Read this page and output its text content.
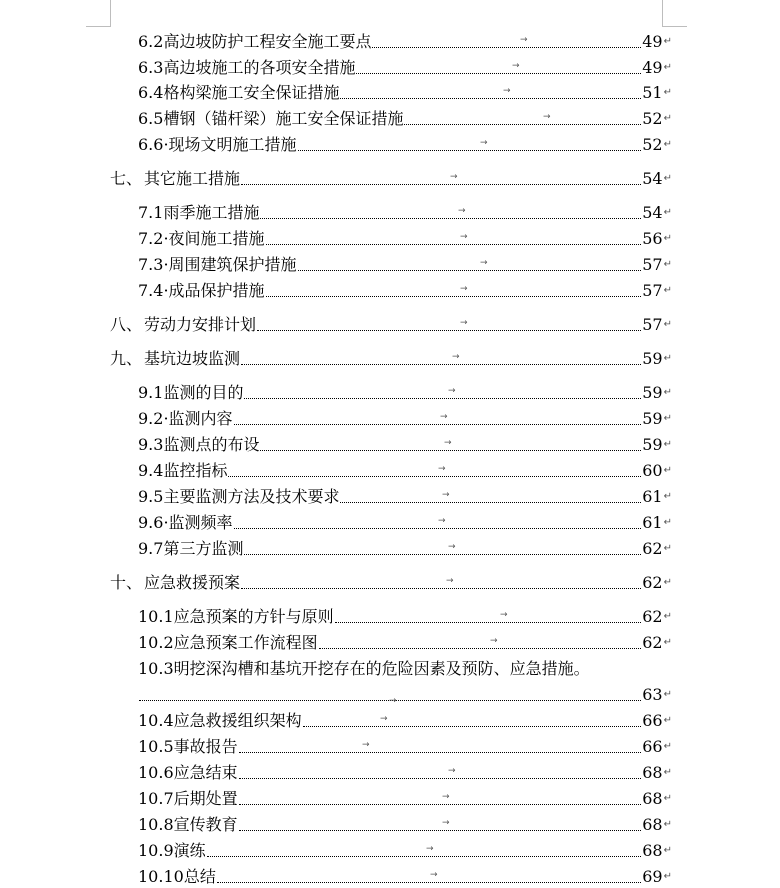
6.2 高边坡防护工程安全施工要点	49 ↵
→
6.3 高边坡施工的各项安全措施	49 ↵
→
6.4 格构梁施工安全保证措施	51 ↵
→
6.5 槽钢（锚杆梁）施工安全保证措施	52 ↵
→
6.6· 现场文明施工措施	52 ↵
→
七、 其它施工措施	54 ↵
→
7.1 雨季施工措施	54 ↵
→
7.2· 夜间施工措施	56 ↵
→
7.3· 周围建筑保护措施	57 ↵
→
7.4· 成品保护措施	57 ↵
→
八、 劳动力安排计划	57 ↵
→
九、 基坑边坡监测	59 ↵
→
9.1 监测的目的	59 ↵
→
9.2· 监测内容	59 ↵
→
9.3 监测点的布设	59 ↵
→
9.4 监控指标	60 ↵
→
9.5 主要监测方法及技术要求	61 ↵
→
9.6· 监测频率	61 ↵
→
9.7 第三方监测	62 ↵
→
十、 应急救援预案	62 ↵
→
10.1 应急预案的方针与原则	62 ↵
→
10.2 应急预案工作流程图	62 ↵
→
10.3 明挖深沟槽和基坑开挖存在的危险因素及预防、应急措施。
→	63 ↵
10.4 应急救援组织架构	66 ↵
→
10.5 事故报告	66 ↵
→
10.6 应急结束	68 ↵
→
10.7 后期处置	68 ↵
→
10.8 宣传教育	68 ↵
→
10.9 演练	68 ↵
→
10.10 总结	69 ↵
→
